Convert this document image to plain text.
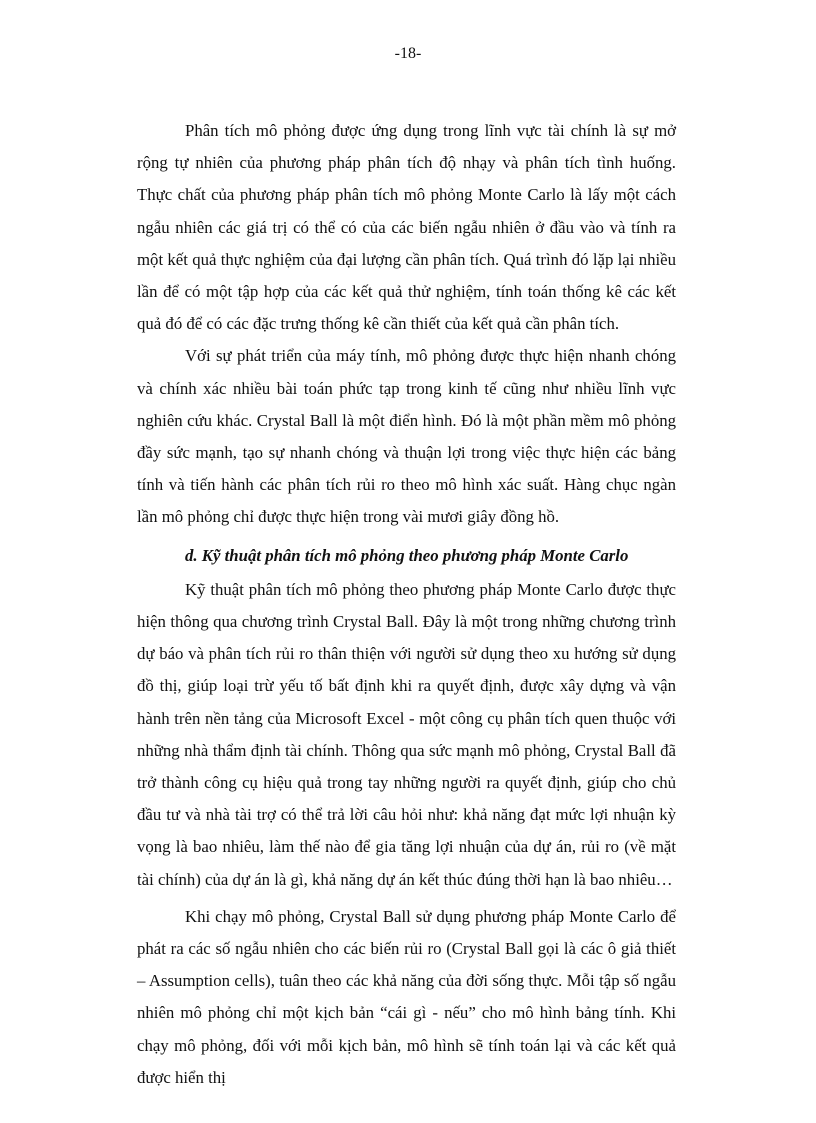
-18-

Phân tích mô phỏng được ứng dụng trong lĩnh vực tài chính là sự mở rộng tự nhiên của phương pháp phân tích độ nhạy và phân tích tình huống. Thực chất của phương pháp phân tích mô phỏng Monte Carlo là lấy một cách ngẫu nhiên các giá trị có thể có của các biến ngẫu nhiên ở đầu vào và tính ra một kết quả thực nghiệm của đại lượng cần phân tích. Quá trình đó lặp lại nhiều lần để có một tập hợp của các kết quả thử nghiệm, tính toán thống kê các kết quả đó để có các đặc trưng thống kê cần thiết của kết quả cần phân tích.

Với sự phát triển của máy tính, mô phỏng được thực hiện nhanh chóng và chính xác nhiều bài toán phức tạp trong kinh tế cũng như nhiều lĩnh vực nghiên cứu khác. Crystal Ball là một điển hình. Đó là một phần mềm mô phỏng đầy sức mạnh, tạo sự nhanh chóng và thuận lợi trong việc thực hiện các bảng tính và tiến hành các phân tích rủi ro theo mô hình xác suất. Hàng chục ngàn lần mô phỏng chỉ được thực hiện trong vài mươi giây đồng hồ.

d. Kỹ thuật phân tích mô phỏng theo phương pháp Monte Carlo

Kỹ thuật phân tích mô phỏng theo phương pháp Monte Carlo được thực hiện thông qua chương trình Crystal Ball. Đây là một trong những chương trình dự báo và phân tích rủi ro thân thiện với người sử dụng theo xu hướng sử dụng đồ thị, giúp loại trừ yếu tố bất định khi ra quyết định, được xây dựng và vận hành trên nền tảng của Microsoft Excel - một công cụ phân tích quen thuộc với những nhà thẩm định tài chính. Thông qua sức mạnh mô phỏng, Crystal Ball đã trở thành công cụ hiệu quả trong tay những người ra quyết định, giúp cho chủ đầu tư và nhà tài trợ có thể trả lời câu hỏi như: khả năng đạt mức lợi nhuận kỳ vọng là bao nhiêu, làm thế nào để gia tăng lợi nhuận của dự án, rủi ro (về mặt tài chính) của dự án là gì, khả năng dự án kết thúc đúng thời hạn là bao nhiêu…

Khi chạy mô phỏng, Crystal Ball sử dụng phương pháp Monte Carlo để phát ra các số ngẫu nhiên cho các biến rủi ro (Crystal Ball gọi là các ô giả thiết – Assumption cells), tuân theo các khả năng của đời sống thực. Mỗi tập số ngẫu nhiên mô phỏng chỉ một kịch bản “cái gì - nếu” cho mô hình bảng tính. Khi chạy mô phỏng, đối với mỗi kịch bản, mô hình sẽ tính toán lại và các kết quả được hiển thị
